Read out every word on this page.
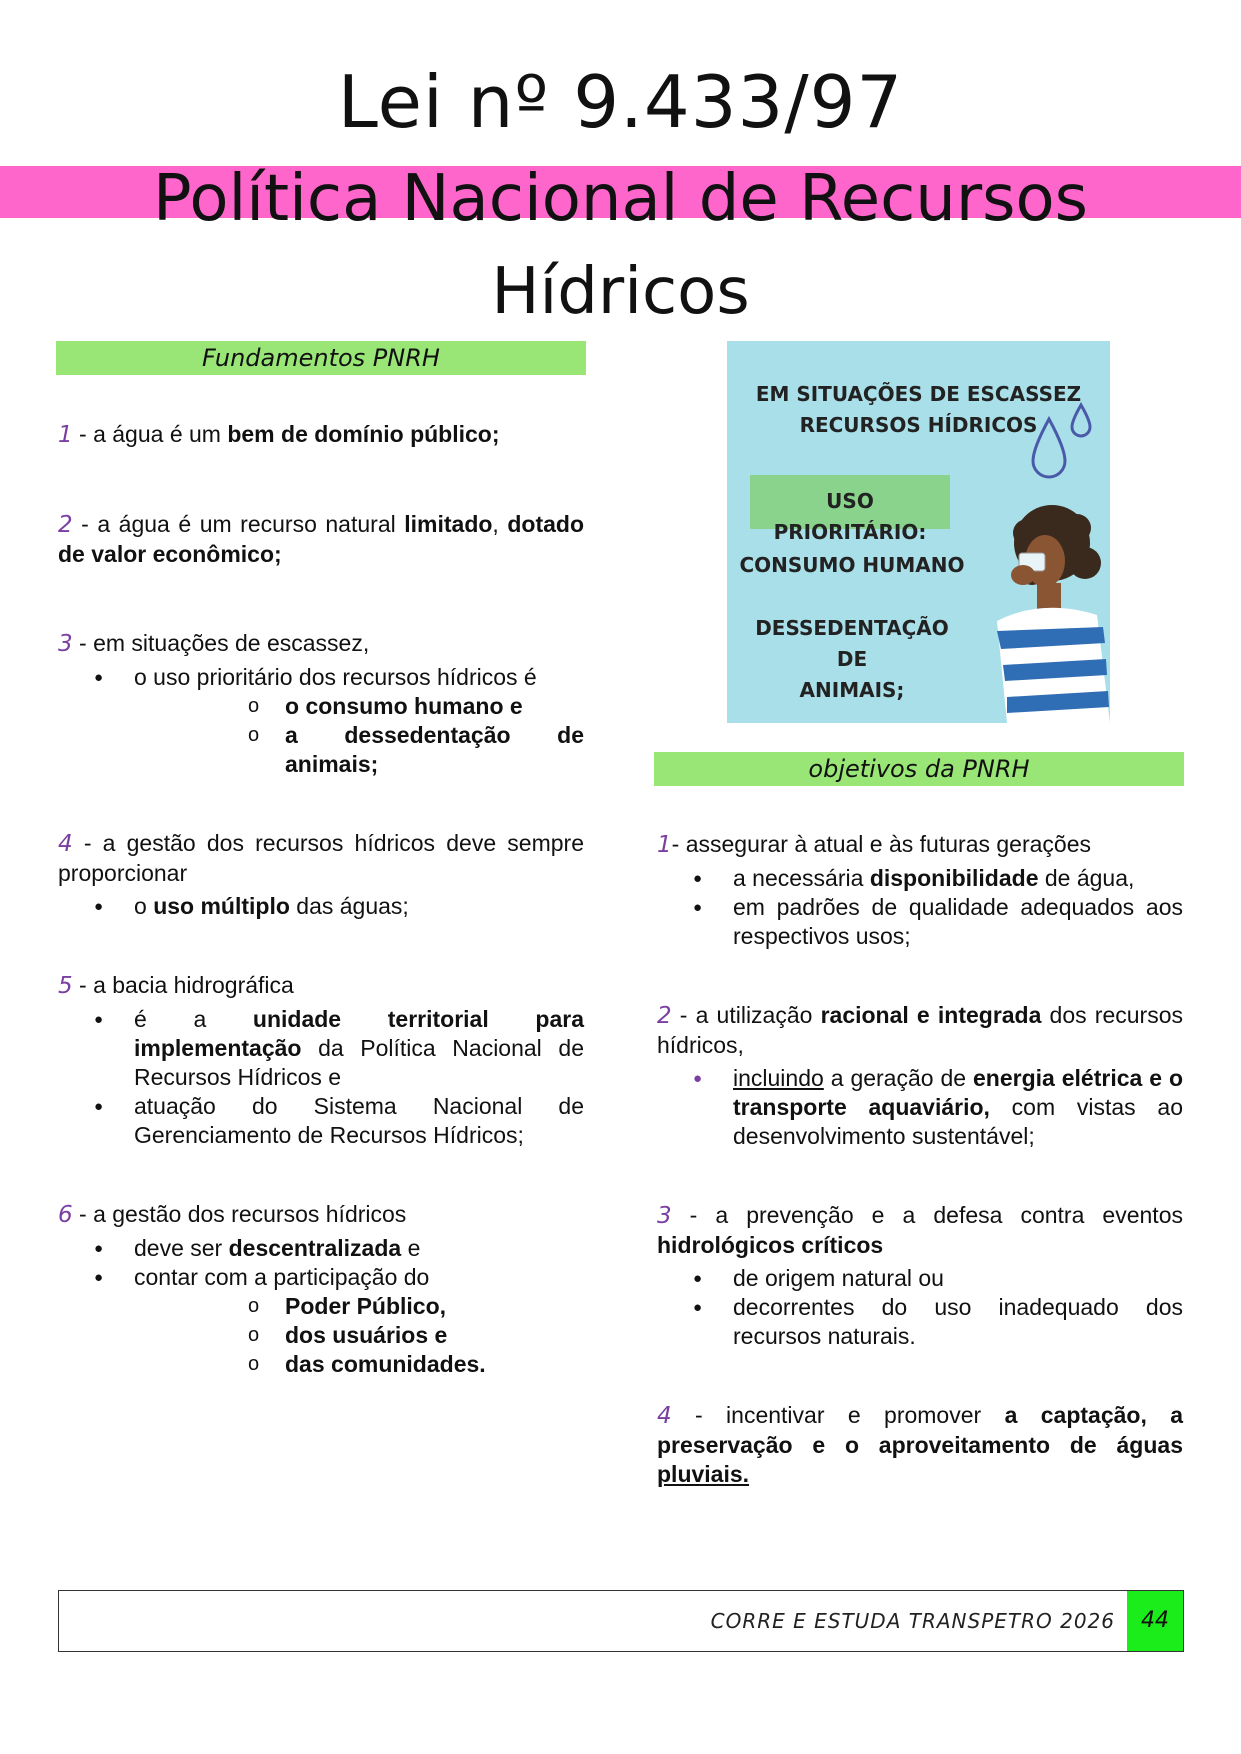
Lei nº 9.433/97
Política Nacional de Recursos
Hídricos
Fundamentos PNRH

1 - a água é um bem de domínio público;

2 - a água é um recurso natural limitado, dotado de valor econômico;

3 - em situações de escassez,

● o uso prioritário dos recursos hídricos é
o o consumo humano e
o a dessedentação de animais;

4 - a gestão dos recursos hídricos deve sempre proporcionar

● o uso múltiplo das águas;

5 - a bacia hidrográfica

● é a unidade territorial para implementação da Política Nacional de Recursos Hídricos e
● atuação do Sistema Nacional de Gerenciamento de Recursos Hídricos;

6 - a gestão dos recursos hídricos

● deve ser descentralizada e
● contar com a participação do
o Poder Público,
o dos usuários e
o das comunidades.
EM SITUAÇÕES DE ESCASSEZ
RECURSOS HÍDRICOS
USO PRIORITÁRIO:
CONSUMO HUMANO
DESSEDENTAÇÃO DE
ANIMAIS;
objetivos da PNRH

1- assegurar à atual e às futuras gerações

● a necessária disponibilidade de água,
● em padrões de qualidade adequados aos respectivos usos;

2 - a utilização racional e integrada dos recursos hídricos,

● incluindo a geração de energia elétrica e o transporte aquaviário, com vistas ao desenvolvimento sustentável;

3 - a prevenção e a defesa contra eventos hidrológicos críticos

● de origem natural ou
● decorrentes do uso inadequado dos recursos naturais.

4 - incentivar e promover a captação, a preservação e o aproveitamento de águas pluviais.

CORRE E ESTUDA TRANSPETRO 2026	44
